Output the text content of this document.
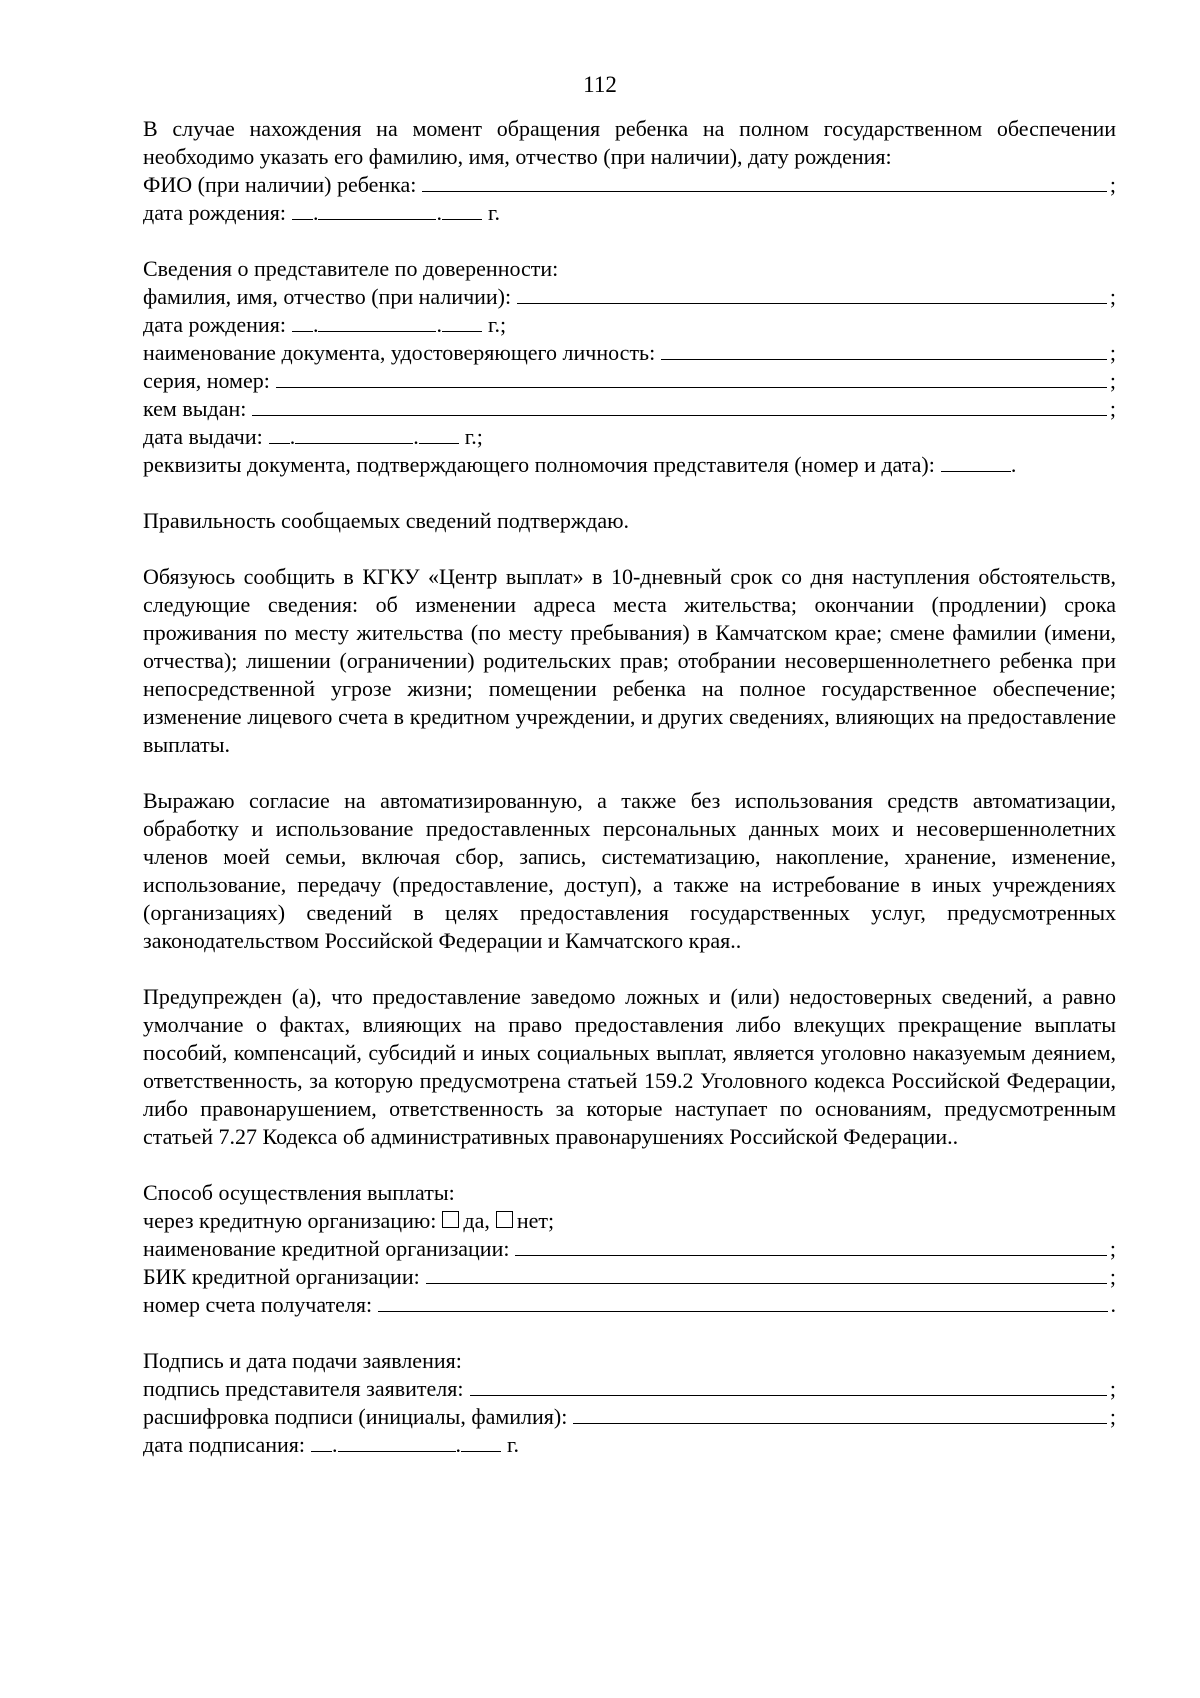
112
В случае нахождения на момент обращения ребенка на полном государственном обеспечении необходимо указать его фамилию, имя, отчество (при наличии), дату рождения:
ФИО (при наличии) ребенка:	;
дата рождения: .	. г.
Сведения о представителе по доверенности:
фамилия, имя, отчество (при наличии):	;
дата рождения: .	. г.;
наименование документа, удостоверяющего личность:	;
серия, номер:	;
кем выдан:	;
дата выдачи: .	. г.;
реквизиты документа, подтверждающего полномочия представителя (номер и дата):	.
Правильность сообщаемых сведений подтверждаю.
Обязуюсь сообщить в КГКУ «Центр выплат» в 10-дневный срок со дня наступления обстоятельств, следующие сведения: об изменении адреса места жительства; окончании (продлении) срока проживания по месту жительства (по месту пребывания) в Камчатском крае; смене фамилии (имени, отчества); лишении (ограничении) родительских прав; отобрании несовершеннолетнего ребенка при непосредственной угрозе жизни; помещении ребенка на полное государственное обеспечение; изменение лицевого счета в кредитном учреждении, и других сведениях, влияющих на предоставление выплаты.
Выражаю согласие на автоматизированную, а также без использования средств автоматизации, обработку и использование предоставленных персональных данных моих и несовершеннолетних членов моей семьи, включая сбор, запись, систематизацию, накопление, хранение, изменение, использование, передачу (предоставление, доступ), а также на истребование в иных учреждениях (организациях) сведений в целях предоставления государственных услуг, предусмотренных законодательством Российской Федерации и Камчатского края..
Предупрежден (а), что предоставление заведомо ложных и (или) недостоверных сведений, а равно умолчание о фактах, влияющих на право предоставления либо влекущих прекращение выплаты пособий, компенсаций, субсидий и иных социальных выплат, является уголовно наказуемым деянием, ответственность, за которую предусмотрена статьей 159.2 Уголовного кодекса Российской Федерации, либо правонарушением, ответственность за которые наступает по основаниям, предусмотренным статьей 7.27 Кодекса об административных правонарушениях Российской Федерации..
Способ осуществления выплаты:
через кредитную организацию: да, нет;
наименование кредитной организации:	;
БИК кредитной организации:	;
номер счета получателя:	.
Подпись и дата подачи заявления:
подпись представителя заявителя:	;
расшифровка подписи (инициалы, фамилия):	;
дата подписания: .	. г.
